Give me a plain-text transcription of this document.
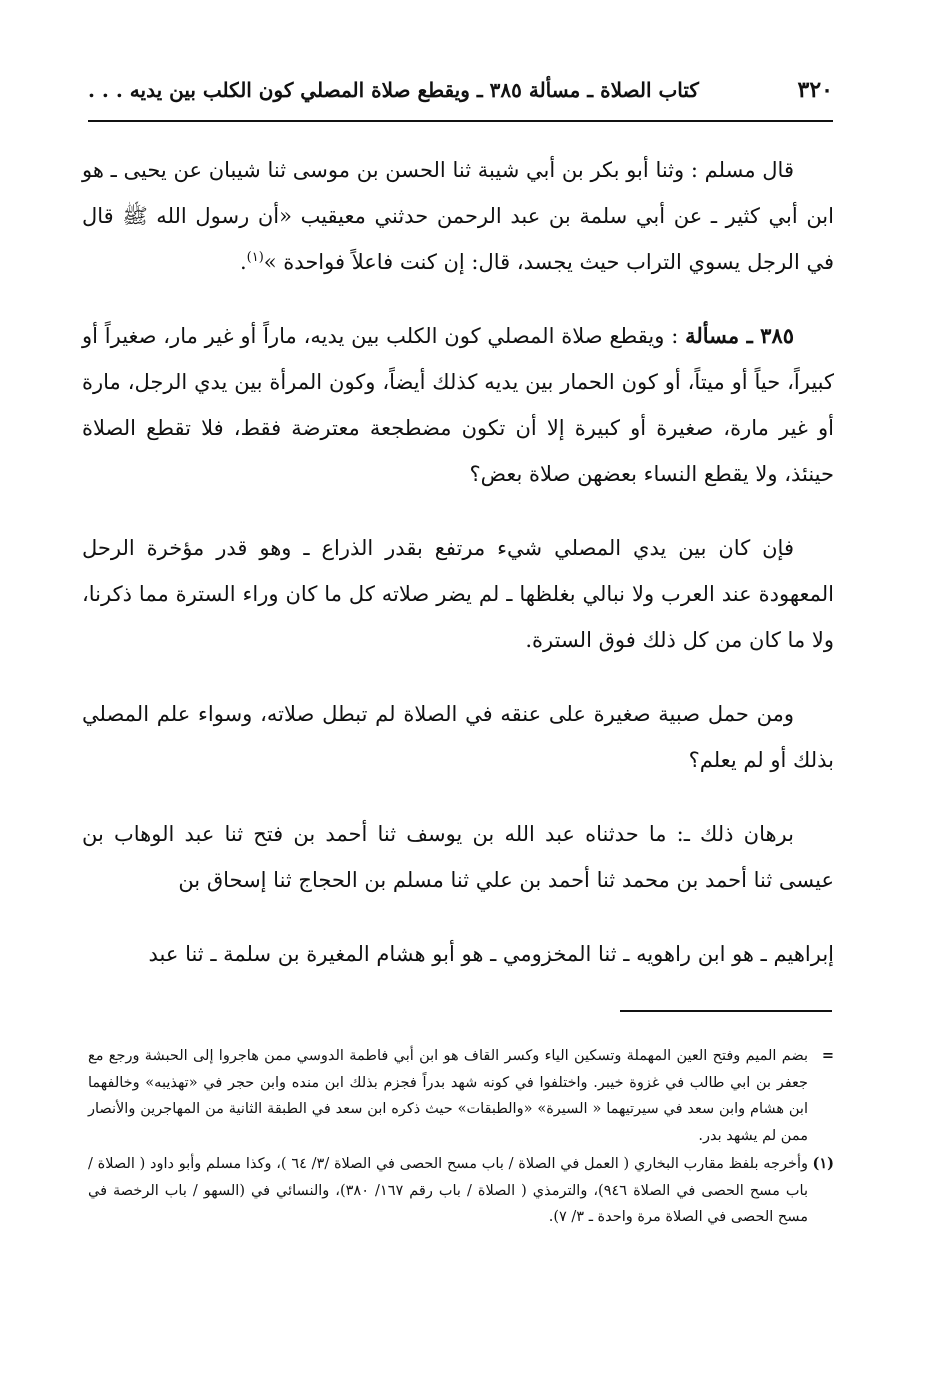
٣٢٠
كتاب الصلاة ـ مسألة ٣٨٥ ـ ويقطع صلاة المصلي كون الكلب بين يديه . . .

قال مسلم : وثنا أبو بكر بن أبي شيبة ثنا الحسن بن موسى ثنا شيبان عن يحيى ـ هو ابن أبي كثير ـ عن أبي سلمة بن عبد الرحمن حدثني معيقيب «أن رسول الله ﷺ قال في الرجل يسوي التراب حيث يجسد، قال: إن كنت فاعلاً فواحدة »$^{(١)}$.

٣٨٥ ـ مسألة : ويقطع صلاة المصلي كون الكلب بين يديه، ماراً أو غير مار، صغيراً أو كبيراً، حياً أو ميتاً، أو كون الحمار بين يديه كذلك أيضاً، وكون المرأة بين يدي الرجل، مارة أو غير مارة، صغيرة أو كبيرة إلا أن تكون مضطجعة معترضة فقط، فلا تقطع الصلاة حينئذ، ولا يقطع النساء بعضهن صلاة بعض؟

فإن كان بين يدي المصلي شيء مرتفع بقدر الذراع ـ وهو قدر مؤخرة الرحل المعهودة عند العرب ولا نبالي بغلظها ـ لم يضر صلاته كل ما كان وراء السترة مما ذكرنا، ولا ما كان من كل ذلك فوق السترة.

ومن حمل صبية صغيرة على عنقه في الصلاة لم تبطل صلاته، وسواء علم المصلي بذلك أو لم يعلم؟

برهان ذلك ـ: ما حدثناه عبد الله بن يوسف ثنا أحمد بن فتح ثنا عبد الوهاب بن عيسى ثنا أحمد بن محمد ثنا أحمد بن علي ثنا مسلم بن الحجاج ثنا إسحاق بن

إبراهيم ـ هو ابن راهويه ـ ثنا المخزومي ـ هو أبو هشام المغيرة بن سلمة ـ ثنا عبد

=
بضم الميم وفتح العين المهملة وتسكين الياء وكسر القاف هو ابن أبي فاطمة الدوسي ممن هاجروا إلى الحبشة ورجع مع جعفر بن ابي طالب في غزوة خيبر. واختلفوا في كونه شهد بدراً فجزم بذلك ابن منده وابن حجر في «تهذيبه» وخالفهما ابن هشام وابن سعد في سيرتيهما « السيرة» «والطبقات» حيث ذكره ابن سعد في الطبقة الثانية من المهاجرين والأنصار ممن لم يشهد بدر.
(١)
وأخرجه بلفظ مقارب البخاري ( العمل في الصلاة / باب مسح الحصى في الصلاة /٣/ ٦٤ )، وكذا مسلم وأبو داود ( الصلاة / باب مسح الحصى في الصلاة ٩٤٦)، والترمذي ( الصلاة / باب رقم ١٦٧/ ٣٨٠)، والنسائي في (السهو / باب الرخصة في مسح الحصى في الصلاة مرة واحدة ـ ٣/ ٧).
